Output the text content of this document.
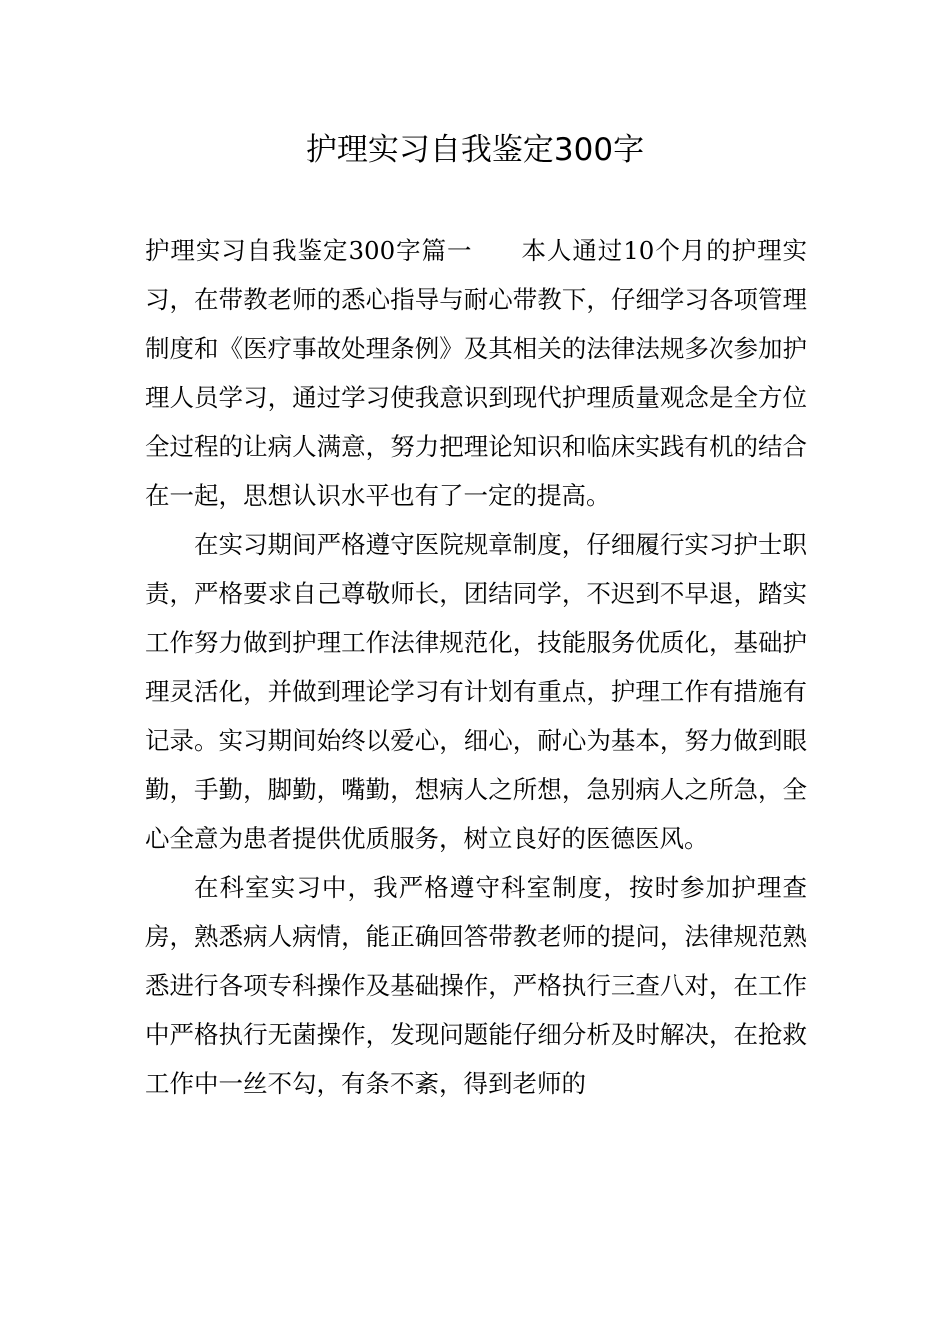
护理实习自我鉴定300字

护理实习自我鉴定300字篇一 本人通过10个月的护理实习，在带教老师的悉心指导与耐心带教下，仔细学习各项管理制度和《医疗事故处理条例》及其相关的法律法规多次参加护理人员学习，通过学习使我意识到现代护理质量观念是全方位全过程的让病人满意，努力把理论知识和临床实践有机的结合在一起，思想认识水平也有了一定的提高。

在实习期间严格遵守医院规章制度，仔细履行实习护士职责，严格要求自己尊敬师长，团结同学，不迟到不早退，踏实工作努力做到护理工作法律规范化，技能服务优质化，基础护理灵活化，并做到理论学习有计划有重点，护理工作有措施有记录。实习期间始终以爱心，细心，耐心为基本，努力做到眼勤，手勤，脚勤，嘴勤，想病人之所想，急别病人之所急，全心全意为患者提供优质服务，树立良好的医德医风。

在科室实习中，我严格遵守科室制度，按时参加护理查房，熟悉病人病情，能正确回答带教老师的提问，法律规范熟悉进行各项专科操作及基础操作，严格执行三查八对，在工作中严格执行无菌操作，发现问题能仔细分析及时解决，在抢救工作中一丝不勾，有条不紊，得到老师的
